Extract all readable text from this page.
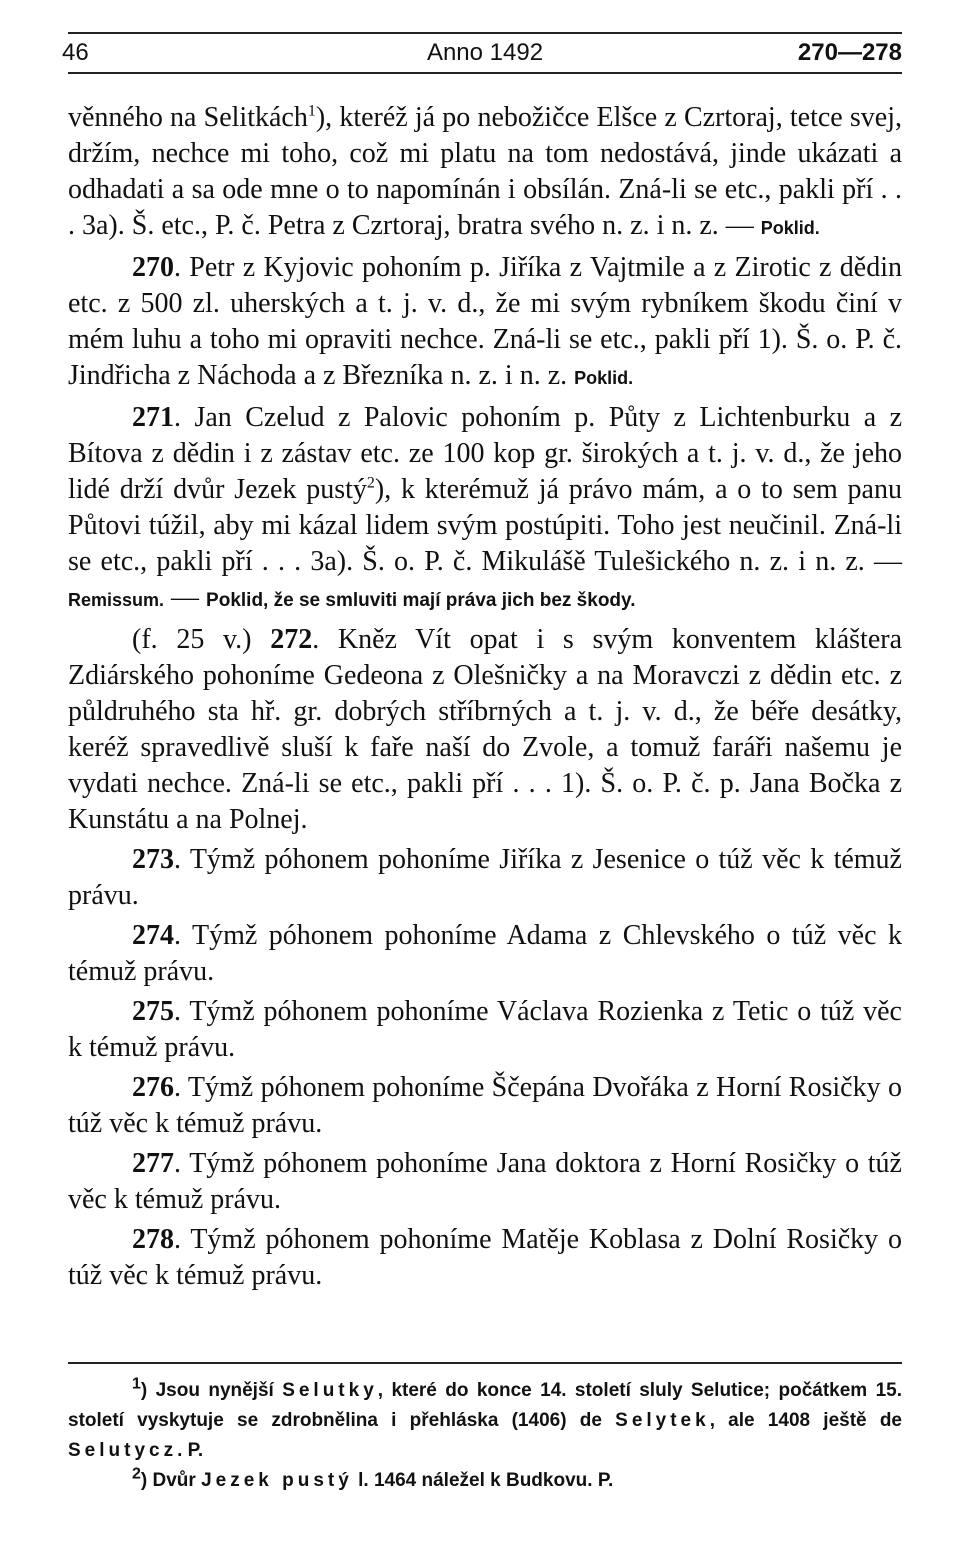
46	Anno 1492	270—278

věnného na Selitkách$^1$), kteréž já po nebožičce Elšce z Czrtoraj, tetce svej, držím, nechce mi toho, což mi platu na tom nedostává, jinde ukázati a odhadati a sa ode mne o to napomínán i obsílán. Zná-li se etc., pakli pří . . . 3a). Š. etc., P. č. Petra z Czrtoraj, bratra svého n. z. i n. z. — Poklid.

270. Petr z Kyjovic pohoním p. Jiříka z Vajtmile a z Zirotic z dědin etc. z 500 zl. uherských a t. j. v. d., že mi svým rybníkem škodu činí v mém luhu a toho mi opraviti nechce. Zná-li se etc., pakli pří 1). Š. o. P. č. Jindřicha z Náchoda a z Březníka n. z. i n. z. Poklid.

271. Jan Czelud z Palovic pohoním p. Půty z Lichtenburku a z Bítova z dědin i z zástav etc. ze 100 kop gr. širokých a t. j. v. d., že jeho lidé drží dvůr Jezek pustý$^2$), k kterémuž já právo mám, a o to sem panu Půtovi túžil, aby mi kázal lidem svým postúpiti. Toho jest neučinil. Zná-li se etc., pakli pří . . . 3a). Š. o. P. č. Mikulášě Tulešického n. z. i n. z. — Remissum. — Poklid, že se smluviti mají práva jich bez škody.

(f. 25 v.) 272. Kněz Vít opat i s svým konventem kláštera Zdiárského pohoníme Gedeona z Olešničky a na Moravczi z dědin etc. z půldruhého sta hř. gr. dobrých stříbrných a t. j. v. d., že béře desátky, keréž spravedlivě sluší k faře naší do Zvole, a tomuž faráři našemu je vydati nechce. Zná-li se etc., pakli pří . . . 1). Š. o. P. č. p. Jana Bočka z Kunstátu a na Polnej.

273. Týmž póhonem pohoníme Jiříka z Jesenice o túž věc k témuž právu.

274. Týmž póhonem pohoníme Adama z Chlevského o túž věc k témuž právu.

275. Týmž póhonem pohoníme Václava Rozienka z Tetic o túž věc k témuž právu.

276. Týmž póhonem pohoníme Ščepána Dvořáka z Horní Rosičky o túž věc k témuž právu.

277. Týmž póhonem pohoníme Jana doktora z Horní Rosičky o túž věc k témuž právu.

278. Týmž póhonem pohoníme Matěje Koblasa z Dolní Rosičky o túž věc k témuž právu.

$^1$) Jsou nynější Selutky, které do konce 14. století sluly Selutice; počátkem 15. století vyskytuje se zdrobnělina i přehláska (1406) de Selytek, ale 1408 ještě de Selutycz. P.

$^2$) Dvůr Jezek pustý l. 1464 náležel k Budkovu. P.
